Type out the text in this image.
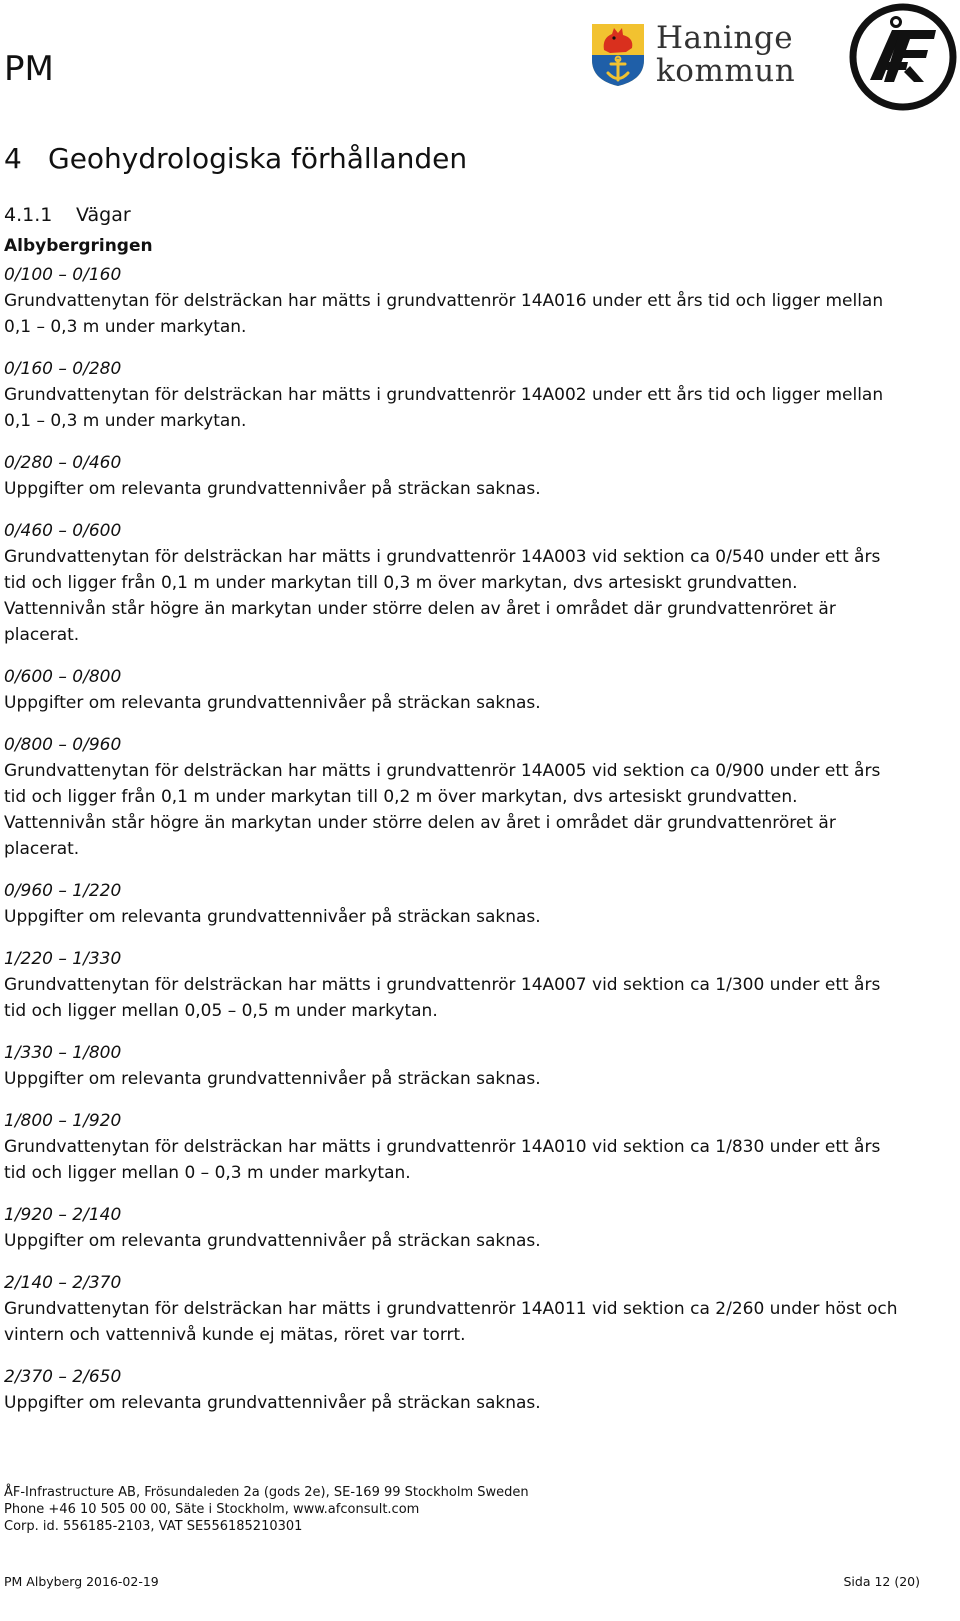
PM
Haninge
kommun
4 Geohydrologiska förhållanden
4.1.1 Vägar
Albybergringen
0/100 – 0/160

Grundvattenytan för delsträckan har mätts i grundvattenrör 14A016 under ett års tid och ligger mellan 0,1 – 0,3 m under markytan.

0/160 – 0/280

Grundvattenytan för delsträckan har mätts i grundvattenrör 14A002 under ett års tid och ligger mellan 0,1 – 0,3 m under markytan.

0/280 – 0/460

Uppgifter om relevanta grundvattennivåer på sträckan saknas.

0/460 – 0/600

Grundvattenytan för delsträckan har mätts i grundvattenrör 14A003 vid sektion ca 0/540 under ett års tid och ligger från 0,1 m under markytan till 0,3 m över markytan, dvs artesiskt grundvatten. Vattennivån står högre än markytan under större delen av året i området där grundvattenröret är placerat.

0/600 – 0/800

Uppgifter om relevanta grundvattennivåer på sträckan saknas.

0/800 – 0/960

Grundvattenytan för delsträckan har mätts i grundvattenrör 14A005 vid sektion ca 0/900 under ett års tid och ligger från 0,1 m under markytan till 0,2 m över markytan, dvs artesiskt grundvatten. Vattennivån står högre än markytan under större delen av året i området där grundvattenröret är placerat.

0/960 – 1/220

Uppgifter om relevanta grundvattennivåer på sträckan saknas.

1/220 – 1/330

Grundvattenytan för delsträckan har mätts i grundvattenrör 14A007 vid sektion ca 1/300 under ett års tid och ligger mellan 0,05 – 0,5 m under markytan.

1/330 – 1/800

Uppgifter om relevanta grundvattennivåer på sträckan saknas.

1/800 – 1/920

Grundvattenytan för delsträckan har mätts i grundvattenrör 14A010 vid sektion ca 1/830 under ett års tid och ligger mellan 0 – 0,3 m under markytan.

1/920 – 2/140

Uppgifter om relevanta grundvattennivåer på sträckan saknas.

2/140 – 2/370

Grundvattenytan för delsträckan har mätts i grundvattenrör 14A011 vid sektion ca 2/260 under höst och vintern och vattennivå kunde ej mätas, röret var torrt.

2/370 – 2/650

Uppgifter om relevanta grundvattennivåer på sträckan saknas.

ÅF-Infrastructure AB, Frösundaleden 2a (gods 2e), SE-169 99 Stockholm Sweden
Phone +46 10 505 00 00, Säte i Stockholm, www.afconsult.com
Corp. id. 556185-2103, VAT SE556185210301
PM Albyberg 2016-02-19	Sida 12 (20)
